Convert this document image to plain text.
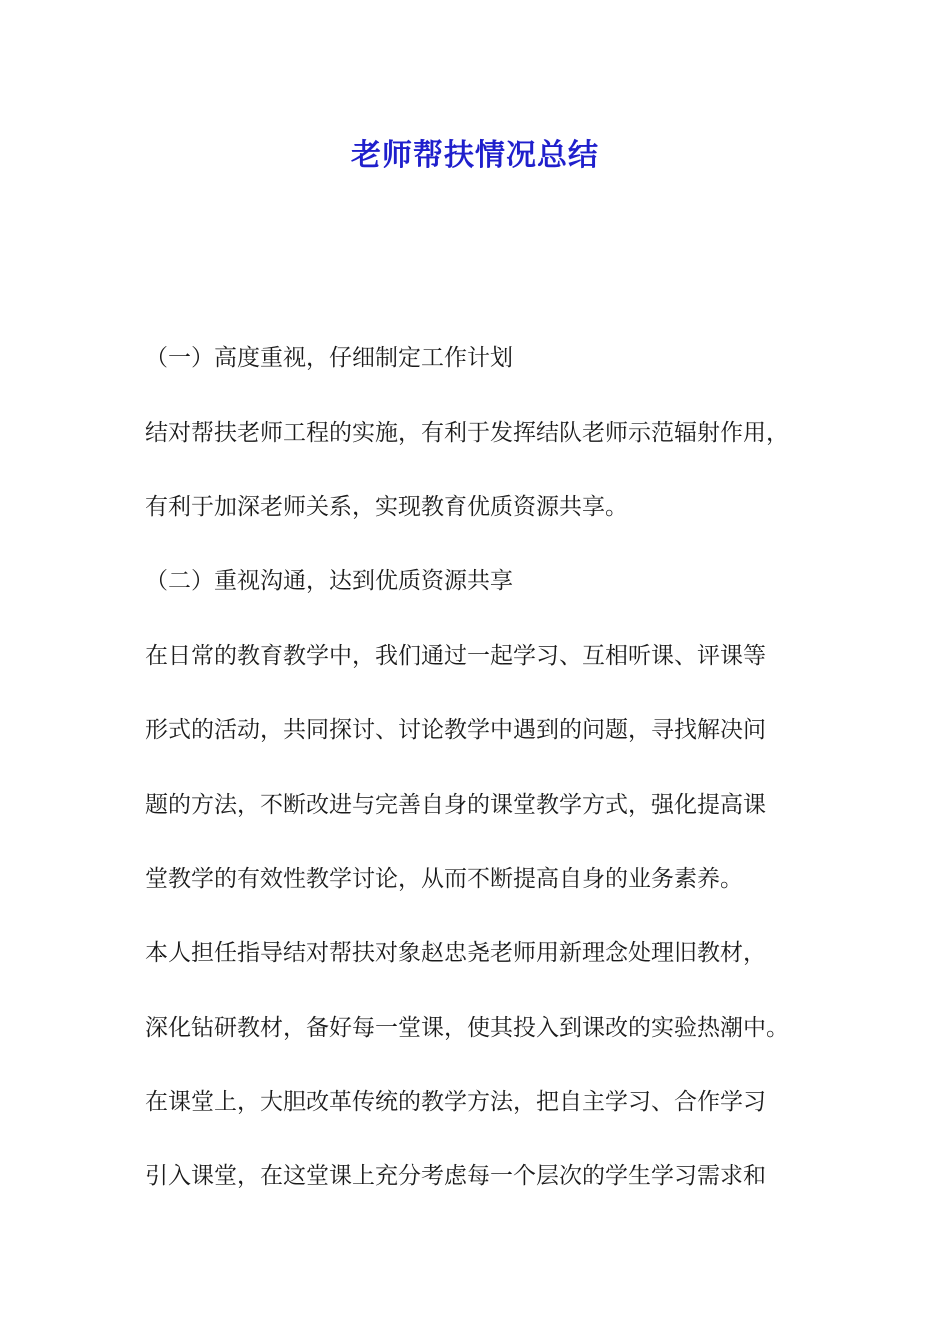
老师帮扶情况总结

（一）高度重视，仔细制定工作计划

结对帮扶老师工程的实施，有利于发挥结队老师示范辐射作用，

有利于加深老师关系，实现教育优质资源共享。

（二）重视沟通，达到优质资源共享

在日常的教育教学中，我们通过一起学习、互相听课、评课等

形式的活动，共同探讨、讨论教学中遇到的问题，寻找解决问

题的方法，不断改进与完善自身的课堂教学方式，强化提高课

堂教学的有效性教学讨论，从而不断提高自身的业务素养。

本人担任指导结对帮扶对象赵忠尧老师用新理念处理旧教材，

深化钻研教材，备好每一堂课，使其投入到课改的实验热潮中。

在课堂上，大胆改革传统的教学方法，把自主学习、合作学习

引入课堂，在这堂课上充分考虑每一个层次的学生学习需求和
